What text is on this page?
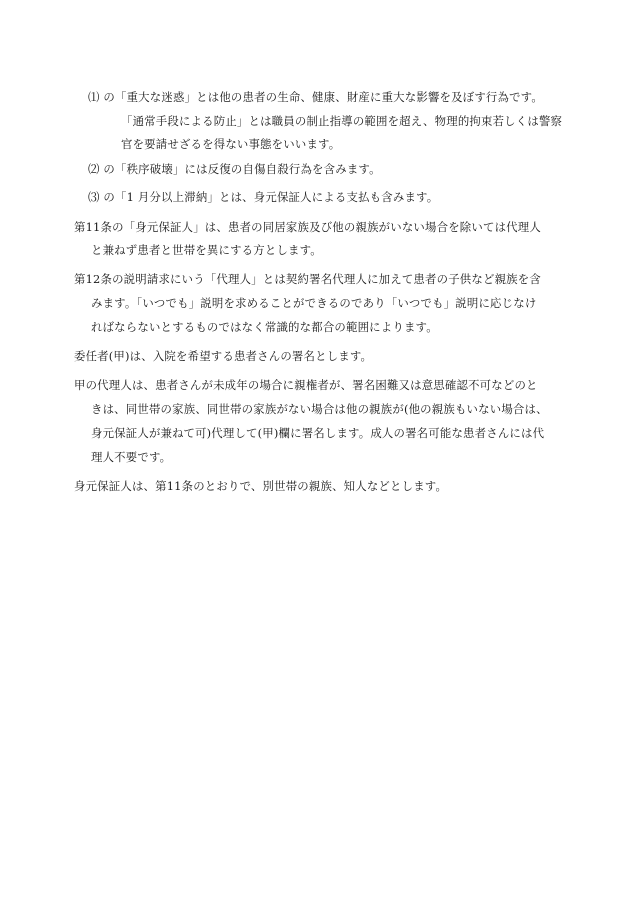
⑴ の「重大な迷惑」とは他の患者の生命、健康、財産に重大な影響を及ぼす行為です。
「通常手段による防止」とは職員の制止指導の範囲を超え、物理的拘束若しくは警察
官を要請せざるを得ない事態をいいます。
⑵ の「秩序破壊」には反復の自傷自殺行為を含みます。
⑶ の「1 月分以上滞納」とは、身元保証人による支払も含みます。
第11条の「身元保証人」は、患者の同居家族及び他の親族がいない場合を除いては代理人
と兼ねず患者と世帯を異にする方とします。
第12条の説明請求にいう「代理人」とは契約署名代理人に加えて患者の子供など親族を含
みます。「いつでも」説明を求めることができるのであり「いつでも」説明に応じなけ
ればならないとするものではなく常識的な都合の範囲によります。
委任者(甲)は、入院を希望する患者さんの署名とします。
甲の代理人は、患者さんが未成年の場合に親権者が、署名困難又は意思確認不可などのと
きは、同世帯の家族、同世帯の家族がない場合は他の親族が(他の親族もいない場合は、
身元保証人が兼ねて可)代理して(甲)欄に署名します。成人の署名可能な患者さんには代
理人不要です。
身元保証人は、第11条のとおりで、別世帯の親族、知人などとします。
